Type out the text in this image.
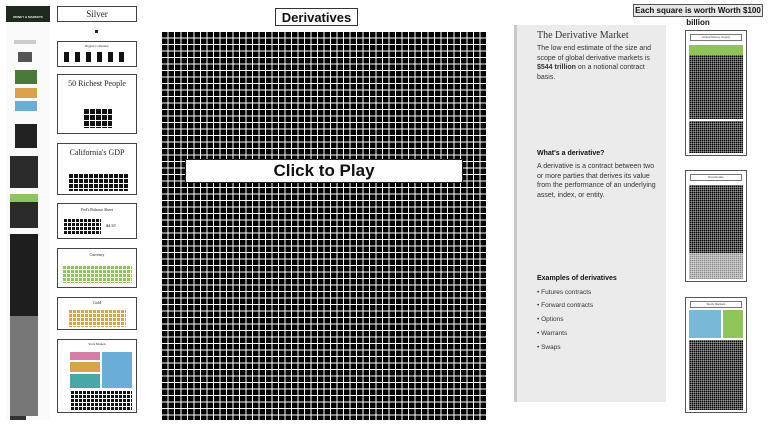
MONEY & MARKETS	Silver
Biggest Companies
50 Richest People
California's GDP
Fed's Balance Sheet
$4.5T
Currency
Gold
Stock Markets
Derivatives	Each square is worth Worth $100 billion
Click to Play
The Derivative Market
The low end estimate of the size and scope of global derivative markets is $544 trillion on a notional contract basis.
What's a derivative?
A derivative is a contract between two or more parties that derives its value from the performance of an underlying asset, index, or entity.
Examples of derivatives
• Futures contracts
• Forward contracts
• Options
• Warrants
• Swaps
Global Money Supply
Real Estate
Stock Markets
